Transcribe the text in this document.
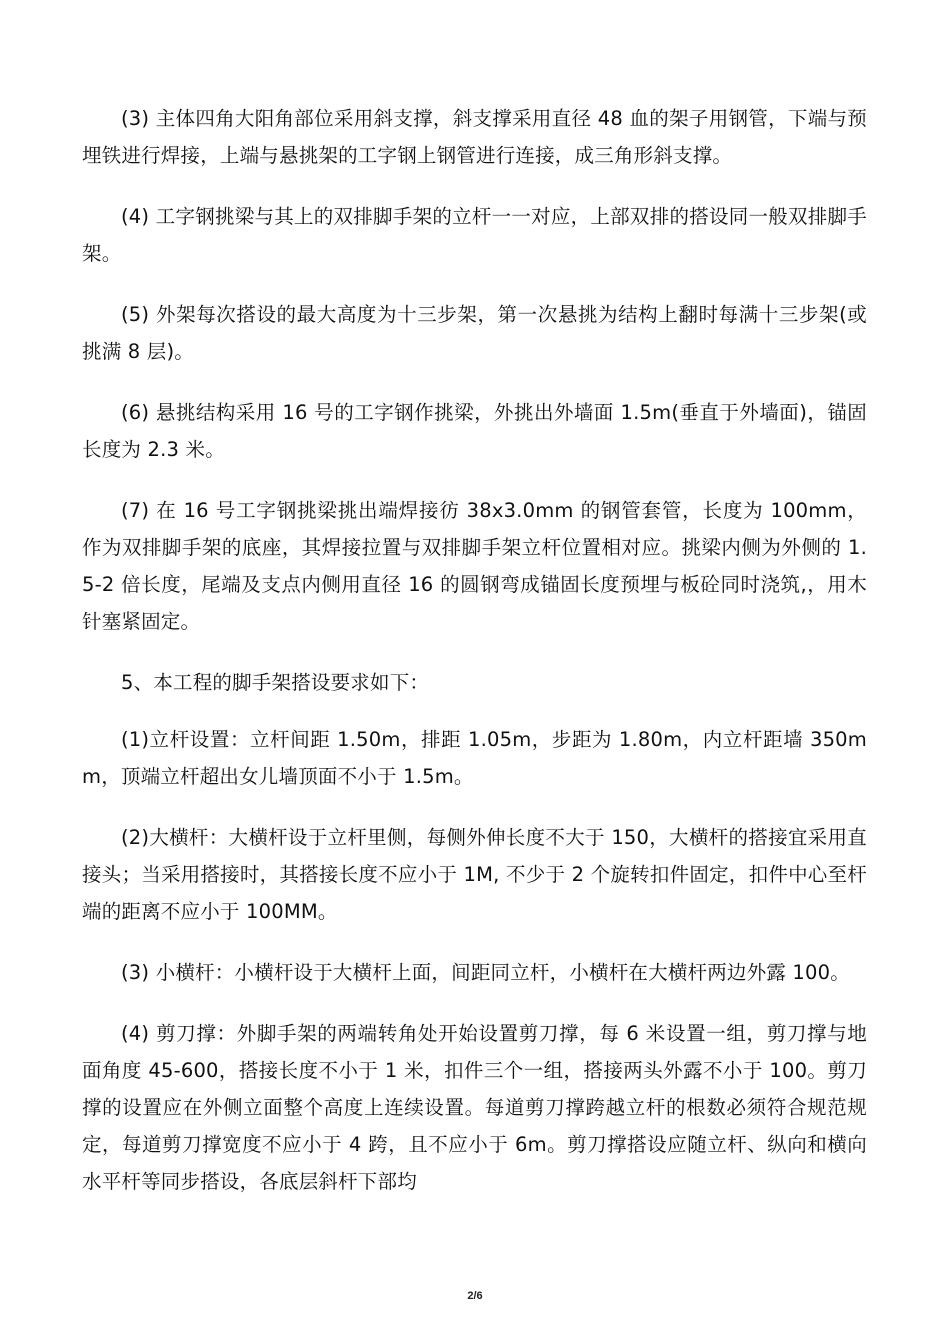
(3) 主体四角大阳角部位采用斜支撑，斜支撑采用直径 48 血的架子用钢管，下端与预埋铁进行焊接，上端与悬挑架的工字钢上钢管进行连接，成三角形斜支撑。

(4) 工字钢挑梁与其上的双排脚手架的立杆一一对应，上部双排的搭设同一般双排脚手架。

(5) 外架每次搭设的最大高度为十三步架，第一次悬挑为结构上翻时每满十三步架(或挑满 8 层)。

(6) 悬挑结构采用 16 号的工字钢作挑梁，外挑出外墙面 1.5m(垂直于外墙面)，锚固长度为 2.3 米。

(7) 在 16 号工字钢挑梁挑出端焊接彷 38x3.0mm 的钢管套管，长度为 100mm，作为双排脚手架的底座，其焊接拉置与双排脚手架立杆位置相对应。挑梁内侧为外侧的 1.5-2 倍长度，尾端及支点内侧用直径 16 的圆钢弯成锚固长度预埋与板砼同时浇筑,，用木针塞紧固定。

5、本工程的脚手架搭设要求如下：

(1)立杆设置：立杆间距 1.50m，排距 1.05m，步距为 1.80m，内立杆距墙 350mm，顶端立杆超出女儿墙顶面不小于 1.5m。

(2)大横杆：大横杆设于立杆里侧，每侧外伸长度不大于 150，大横杆的搭接宜采用直接头；当采用搭接时，其搭接长度不应小于 1M, 不少于 2 个旋转扣件固定，扣件中心至杆端的距离不应小于 100MM。

(3) 小横杆：小横杆设于大横杆上面，间距同立杆，小横杆在大横杆两边外露 100。

(4) 剪刀撑：外脚手架的两端转角处开始设置剪刀撑，每 6 米设置一组，剪刀撑与地面角度 45-600，搭接长度不小于 1 米，扣件三个一组，搭接两头外露不小于 100。剪刀撑的设置应在外侧立面整个高度上连续设置。每道剪刀撑跨越立杆的根数必须符合规范规定，每道剪刀撑宽度不应小于 4 跨，且不应小于 6m。剪刀撑搭设应随立杆、纵向和横向水平杆等同步搭设，各底层斜杆下部均

2/6
